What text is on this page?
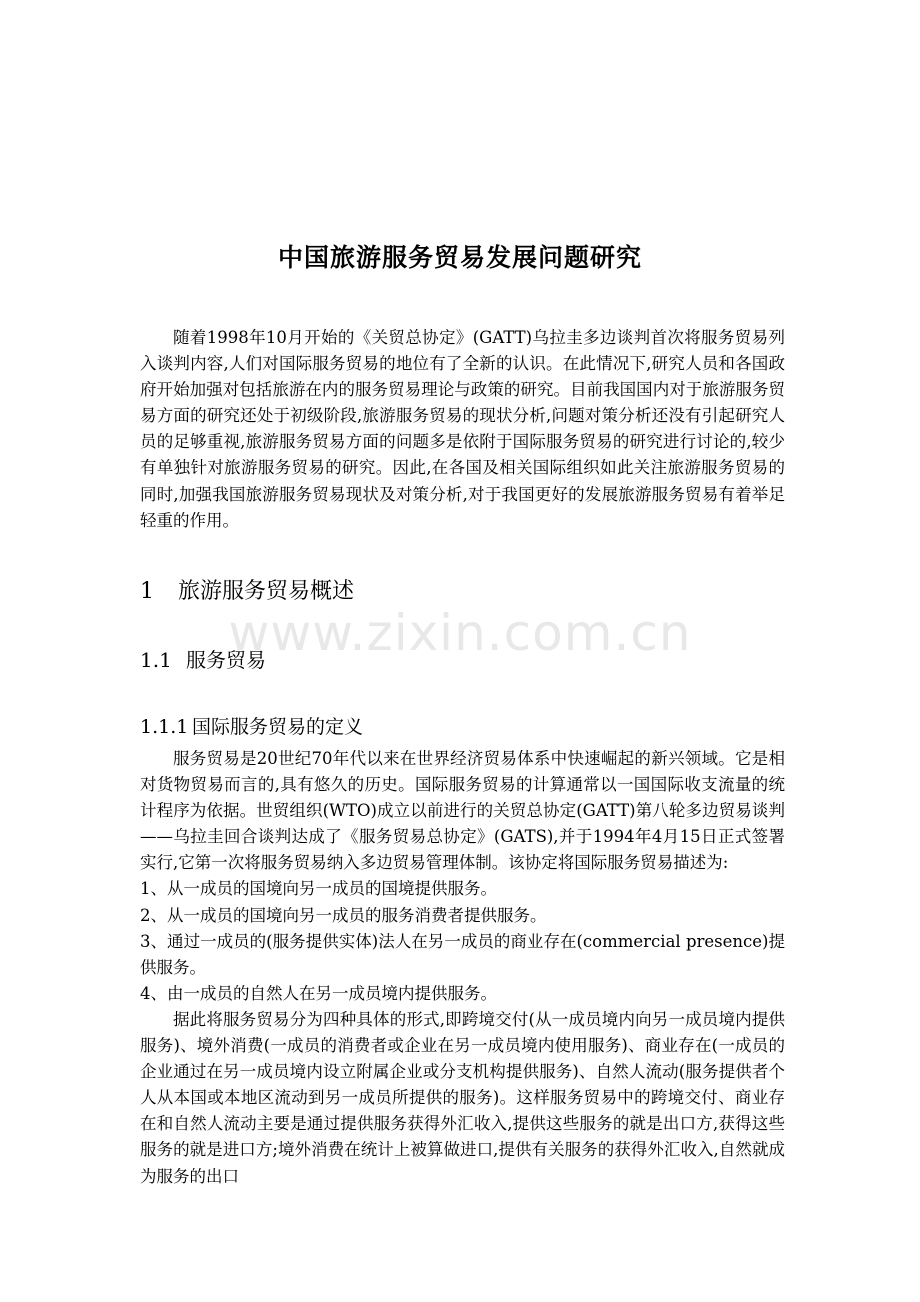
中国旅游服务贸易发展问题研究

随着1998年10月开始的《关贸总协定》(GATT)乌拉圭多边谈判首次将服务贸易列入谈判内容,人们对国际服务贸易的地位有了全新的认识。在此情况下,研究人员和各国政府开始加强对包括旅游在内的服务贸易理论与政策的研究。目前我国国内对于旅游服务贸易方面的研究还处于初级阶段,旅游服务贸易的现状分析,问题对策分析还没有引起研究人员的足够重视,旅游服务贸易方面的问题多是依附于国际服务贸易的研究进行讨论的,较少有单独针对旅游服务贸易的研究。因此,在各国及相关国际组织如此关注旅游服务贸易的同时,加强我国旅游服务贸易现状及对策分析,对于我国更好的发展旅游服务贸易有着举足轻重的作用。

1 旅游服务贸易概述
www.zixin.com.cn
1.1 服务贸易
1.1.1 国际服务贸易的定义

服务贸易是20世纪70年代以来在世界经济贸易体系中快速崛起的新兴领域。它是相对货物贸易而言的,具有悠久的历史。国际服务贸易的计算通常以一国国际收支流量的统计程序为依据。世贸组织(WTO)成立以前进行的关贸总协定(GATT)第八轮多边贸易谈判——乌拉圭回合谈判达成了《服务贸易总协定》(GATS),并于1994年4月15日正式签署实行,它第一次将服务贸易纳入多边贸易管理体制。该协定将国际服务贸易描述为:

1、从一成员的国境向另一成员的国境提供服务。

2、从一成员的国境向另一成员的服务消费者提供服务。

3、通过一成员的(服务提供实体)法人在另一成员的商业存在(commercial presence)提供服务。

4、由一成员的自然人在另一成员境内提供服务。

据此将服务贸易分为四种具体的形式,即跨境交付(从一成员境内向另一成员境内提供服务)、境外消费(一成员的消费者或企业在另一成员境内使用服务)、商业存在(一成员的企业通过在另一成员境内设立附属企业或分支机构提供服务)、自然人流动(服务提供者个人从本国或本地区流动到另一成员所提供的服务)。这样服务贸易中的跨境交付、商业存在和自然人流动主要是通过提供服务获得外汇收入,提供这些服务的就是出口方,获得这些服务的就是进口方;境外消费在统计上被算做进口,提供有关服务的获得外汇收入,自然就成为服务的出口
